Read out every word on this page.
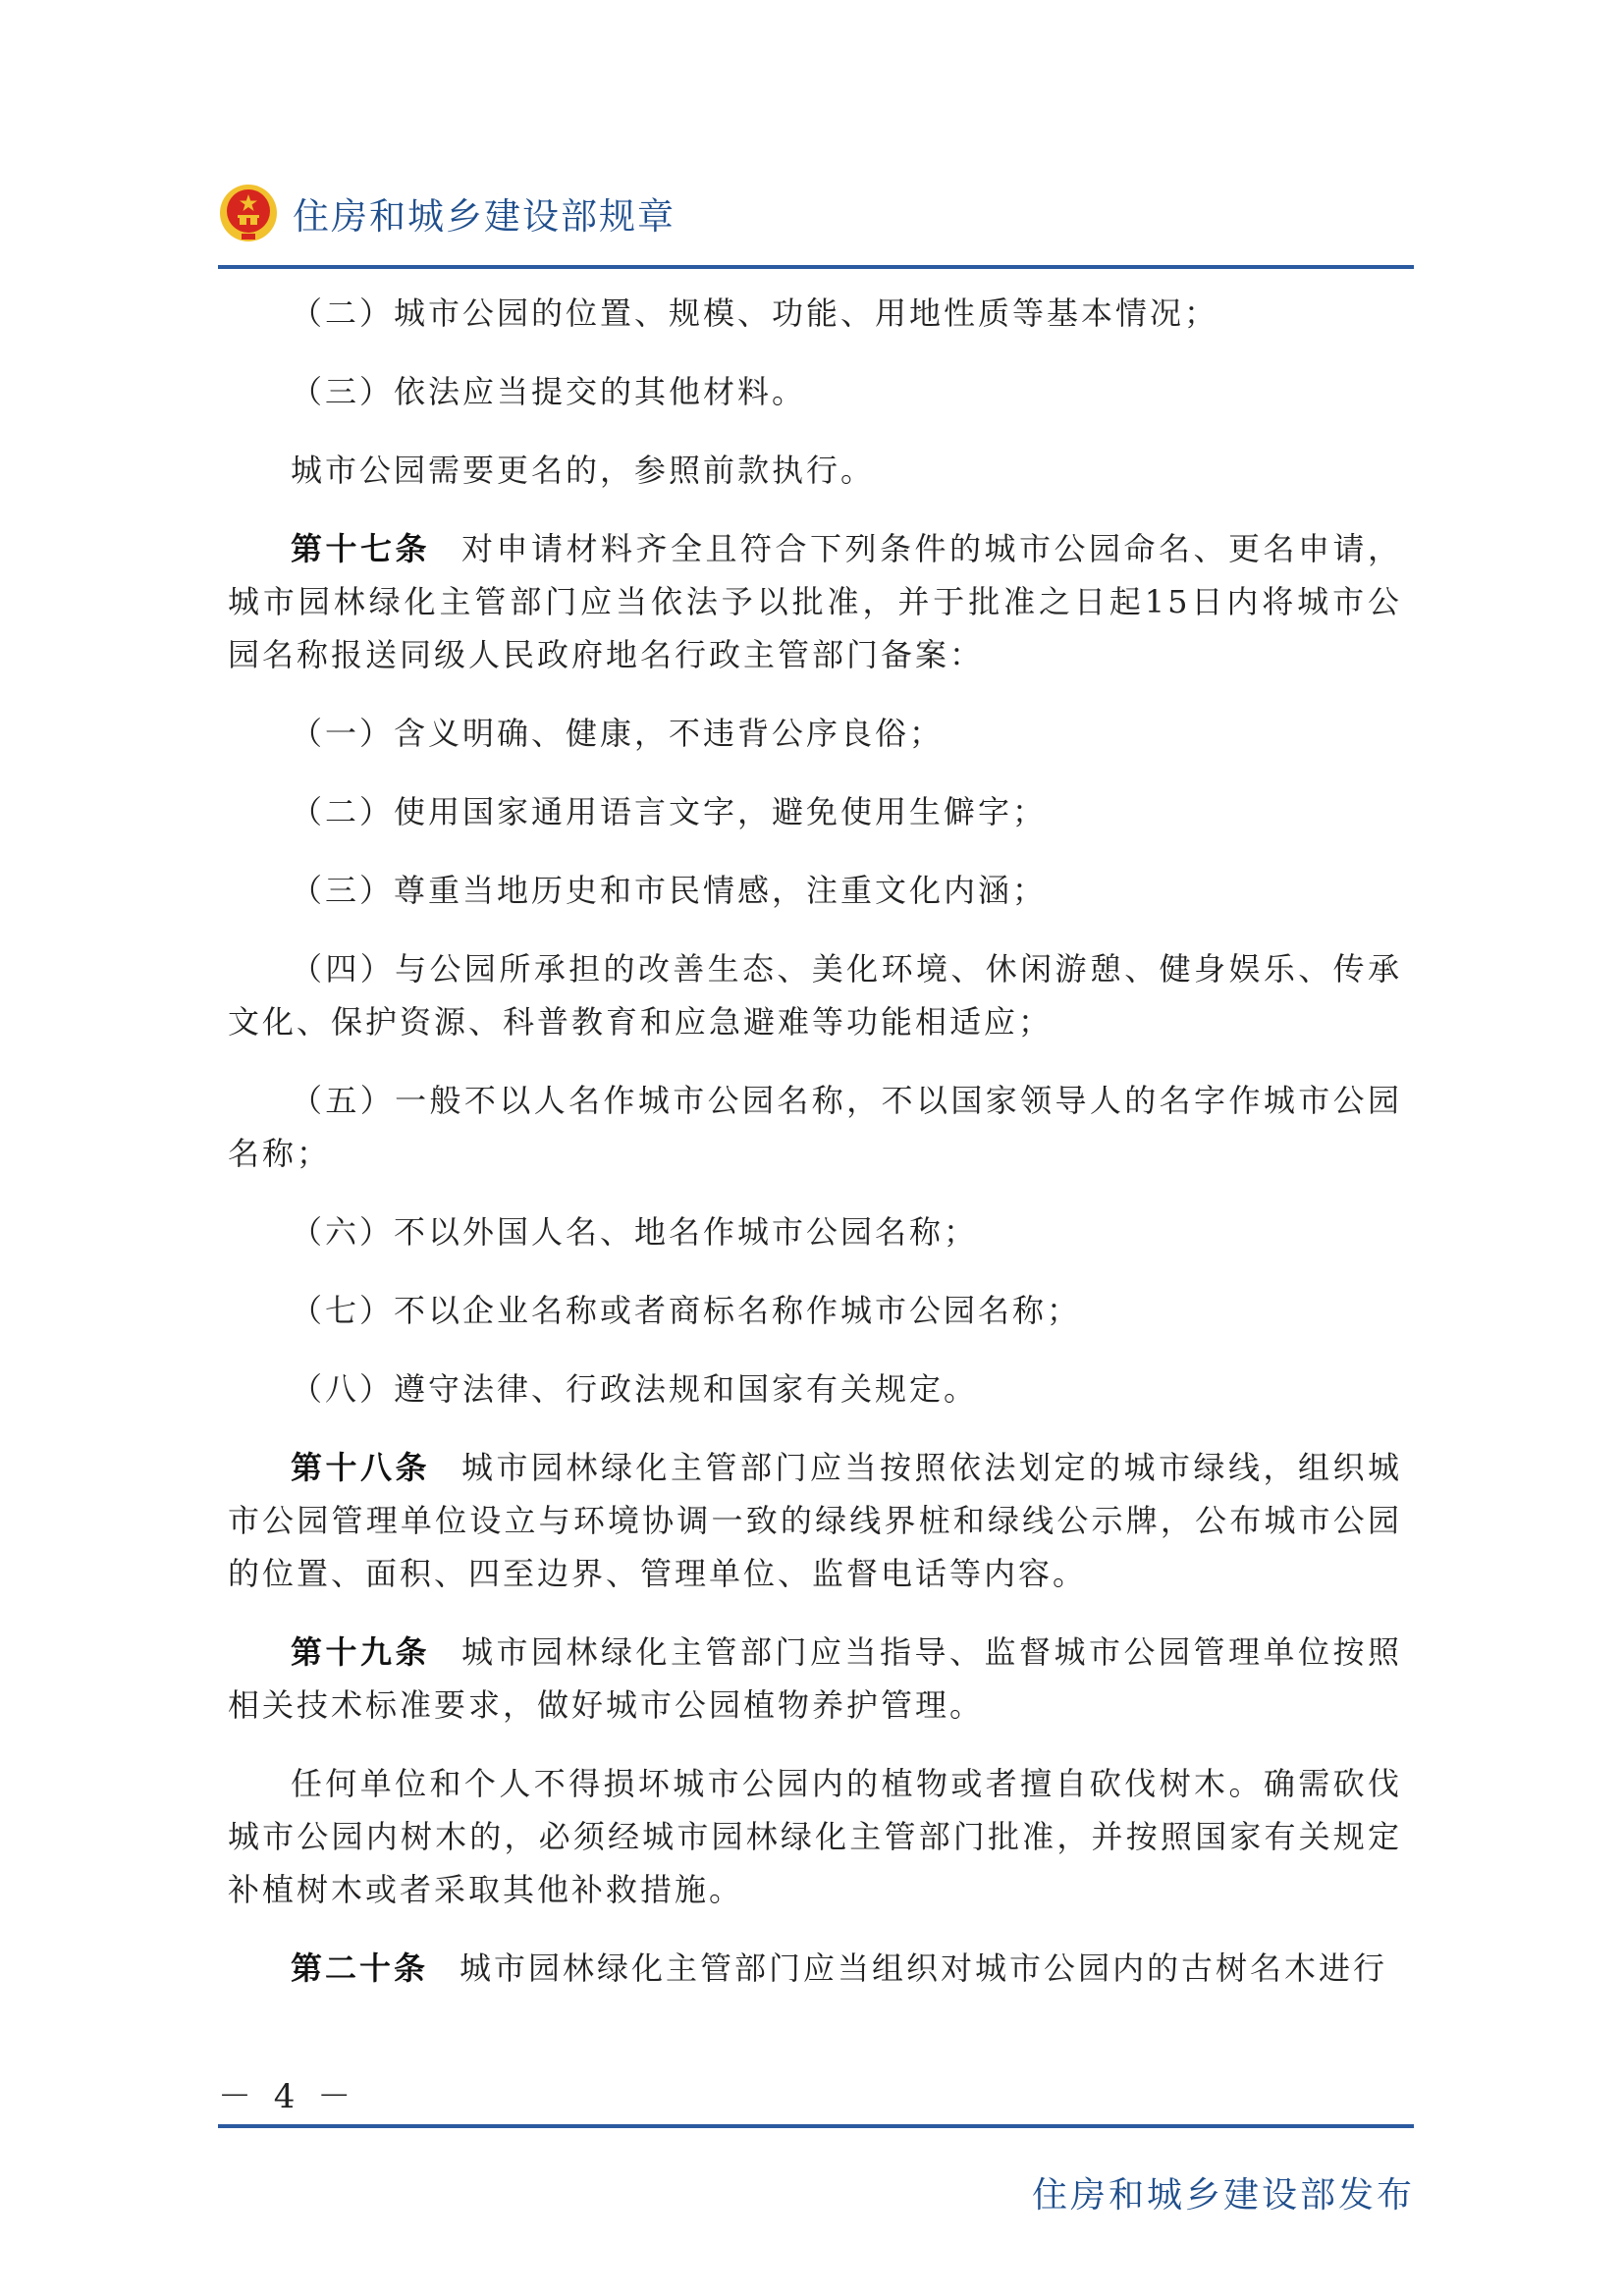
住房和城乡建设部规章

（二）城市公园的位置、规模、功能、用地性质等基本情况；

（三）依法应当提交的其他材料。

城市公园需要更名的，参照前款执行。

第十七条 对申请材料齐全且符合下列条件的城市公园命名、更名申请，城市园林绿化主管部门应当依法予以批准，并于批准之日起15日内将城市公园名称报送同级人民政府地名行政主管部门备案：

（一）含义明确、健康，不违背公序良俗；

（二）使用国家通用语言文字，避免使用生僻字；

（三）尊重当地历史和市民情感，注重文化内涵；

（四）与公园所承担的改善生态、美化环境、休闲游憩、健身娱乐、传承文化、保护资源、科普教育和应急避难等功能相适应；

（五）一般不以人名作城市公园名称，不以国家领导人的名字作城市公园名称；

（六）不以外国人名、地名作城市公园名称；

（七）不以企业名称或者商标名称作城市公园名称；

（八）遵守法律、行政法规和国家有关规定。

第十八条 城市园林绿化主管部门应当按照依法划定的城市绿线，组织城市公园管理单位设立与环境协调一致的绿线界桩和绿线公示牌，公布城市公园的位置、面积、四至边界、管理单位、监督电话等内容。

第十九条 城市园林绿化主管部门应当指导、监督城市公园管理单位按照相关技术标准要求，做好城市公园植物养护管理。

任何单位和个人不得损坏城市公园内的植物或者擅自砍伐树木。确需砍伐城市公园内树木的，必须经城市园林绿化主管部门批准，并按照国家有关规定补植树木或者采取其他补救措施。

第二十条 城市园林绿化主管部门应当组织对城市公园内的古树名木进行

－ 4 －
住房和城乡建设部发布
